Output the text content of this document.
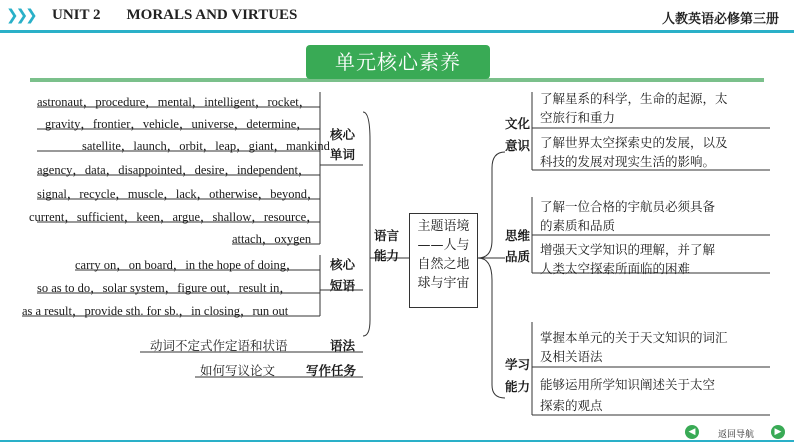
❯❯❯ UNIT 2 MORALS AND VIRTUES	人教英语必修第三册
单元核心素养
astronaut，procedure，mental，intelligent，rocket，
gravity，frontier，vehicle，universe，determine，
satellite，launch，orbit，leap，giant，mankind，
agency，data，disappointed，desire，independent，
signal，recycle，muscle，lack，otherwise，beyond，
current，sufficient，keen，argue，shallow，resource，
attach，oxygen
核心
单词
carry on，on board，in the hope of doing，
so as to do，solar system，figure out，result in，
as a result，provide sth. for sb.，in closing，run out
核心
短语
语言
能力
动词不定式作定语和状语	语法
如何写议论文 写作任务
主题语境
——人与
自然之地
球与宇宙
文化
意识
了解星系的科学，生命的起源，太
空旅行和重力
了解世界太空探索史的发展，以及
科技的发展对现实生活的影响。
思维
品质
了解一位合格的宇航员必须具备
的素质和品质
增强天文学知识的理解，并了解
人类太空探索所面临的困难
学习
能力
掌握本单元的关于天文知识的词汇
及相关语法
能够运用所学知识阐述关于太空
探索的观点
◀	▶
返回导航
